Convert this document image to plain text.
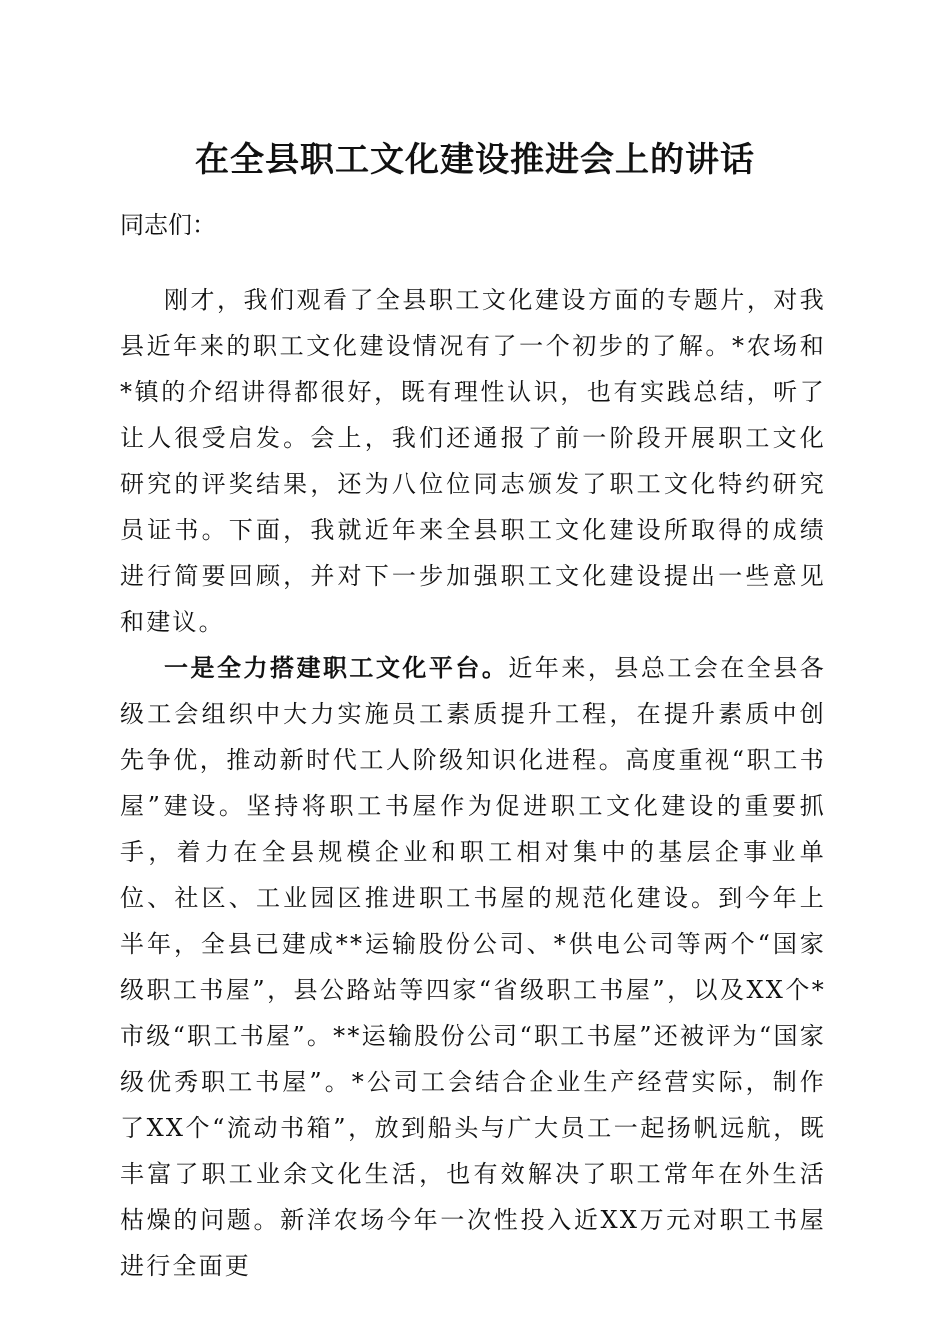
在全县职工文化建设推进会上的讲话
同志们：

刚才，我们观看了全县职工文化建设方面的专题片，对我县近年来的职工文化建设情况有了一个初步的了解。*农场和*镇的介绍讲得都很好，既有理性认识，也有实践总结，听了让人很受启发。会上，我们还通报了前一阶段开展职工文化研究的评奖结果，还为八位位同志颁发了职工文化特约研究员证书。下面，我就近年来全县职工文化建设所取得的成绩进行简要回顾，并对下一步加强职工文化建设提出一些意见和建议。

一是全力搭建职工文化平台。近年来，县总工会在全县各级工会组织中大力实施员工素质提升工程，在提升素质中创先争优，推动新时代工人阶级知识化进程。高度重视“职工书屋”建设。坚持将职工书屋作为促进职工文化建设的重要抓手，着力在全县规模企业和职工相对集中的基层企事业单位、社区、工业园区推进职工书屋的规范化建设。到今年上半年，全县已建成**运输股份公司、*供电公司等两个“国家级职工书屋”，县公路站等四家“省级职工书屋”，以及XX个*市级“职工书屋”。**运输股份公司“职工书屋”还被评为“国家级优秀职工书屋”。*公司工会结合企业生产经营实际，制作了XX个“流动书箱”，放到船头与广大员工一起扬帆远航，既丰富了职工业余文化生活，也有效解决了职工常年在外生活枯燥的问题。新洋农场今年一次性投入近XX万元对职工书屋进行全面更
